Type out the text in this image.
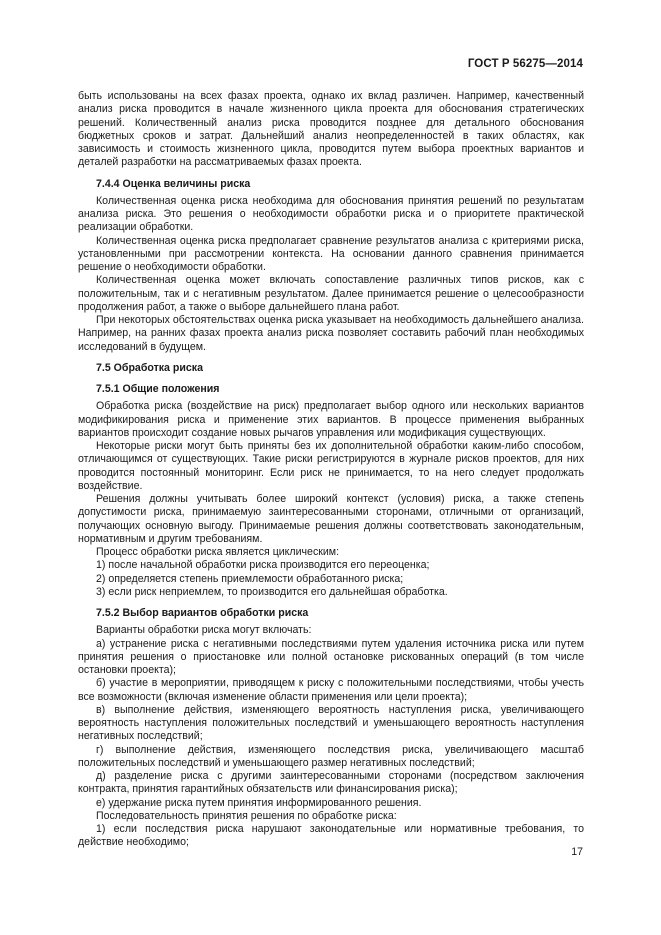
ГОСТ Р 56275—2014

быть использованы на всех фазах проекта, однако их вклад различен. Например, качественный анализ риска проводится в начале жизненного цикла проекта для обоснования стратегических решений. Количественный анализ риска проводится позднее для детального обоснования бюджетных сроков и затрат. Дальнейший анализ неопределенностей в таких областях, как зависимость и стоимость жизненного цикла, проводится путем выбора проектных вариантов и деталей разработки на рассматриваемых фазах проекта.

7.4.4 Оценка величины риска

Количественная оценка риска необходима для обоснования принятия решений по результатам анализа риска. Это решения о необходимости обработки риска и о приоритете практической реализации обработки.

Количественная оценка риска предполагает сравнение результатов анализа с критериями риска, установленными при рассмотрении контекста. На основании данного сравнения принимается решение о необходимости обработки.

Количественная оценка может включать сопоставление различных типов рисков, как с положительным, так и с негативным результатом. Далее принимается решение о целесообразности продолжения работ, а также о выборе дальнейшего плана работ.

При некоторых обстоятельствах оценка риска указывает на необходимость дальнейшего анализа. Например, на ранних фазах проекта анализ риска позволяет составить рабочий план необходимых исследований в будущем.

7.5 Обработка риска
7.5.1 Общие положения

Обработка риска (воздействие на риск) предполагает выбор одного или нескольких вариантов модификирования риска и применение этих вариантов. В процессе применения выбранных вариантов происходит создание новых рычагов управления или модификация существующих.

Некоторые риски могут быть приняты без их дополнительной обработки каким-либо способом, отличающимся от существующих. Такие риски регистрируются в журнале рисков проектов, для них проводится постоянный мониторинг. Если риск не принимается, то на него следует продолжать воздействие.

Решения должны учитывать более широкий контекст (условия) риска, а также степень допустимости риска, принимаемую заинтересованными сторонами, отличными от организаций, получающих основную выгоду. Принимаемые решения должны соответствовать законодательным, нормативным и другим требованиям.

Процесс обработки риска является циклическим:

1) после начальной обработки риска производится его переоценка;

2) определяется степень приемлемости обработанного риска;

3) если риск неприемлем, то производится его дальнейшая обработка.

7.5.2 Выбор вариантов обработки риска

Варианты обработки риска могут включать:

а) устранение риска с негативными последствиями путем удаления источника риска или путем принятия решения о приостановке или полной остановке рискованных операций (в том числе остановки проекта);

б) участие в мероприятии, приводящем к риску с положительными последствиями, чтобы учесть все возможности (включая изменение области применения или цели проекта);

в) выполнение действия, изменяющего вероятность наступления риска, увеличивающего вероятность наступления положительных последствий и уменьшающего вероятность наступления негативных последствий;

г) выполнение действия, изменяющего последствия риска, увеличивающего масштаб положительных последствий и уменьшающего размер негативных последствий;

д) разделение риска с другими заинтересованными сторонами (посредством заключения контракта, принятия гарантийных обязательств или финансирования риска);

е) удержание риска путем принятия информированного решения.

Последовательность принятия решения по обработке риска:

1) если последствия риска нарушают законодательные или нормативные требования, то действие необходимо;

17
